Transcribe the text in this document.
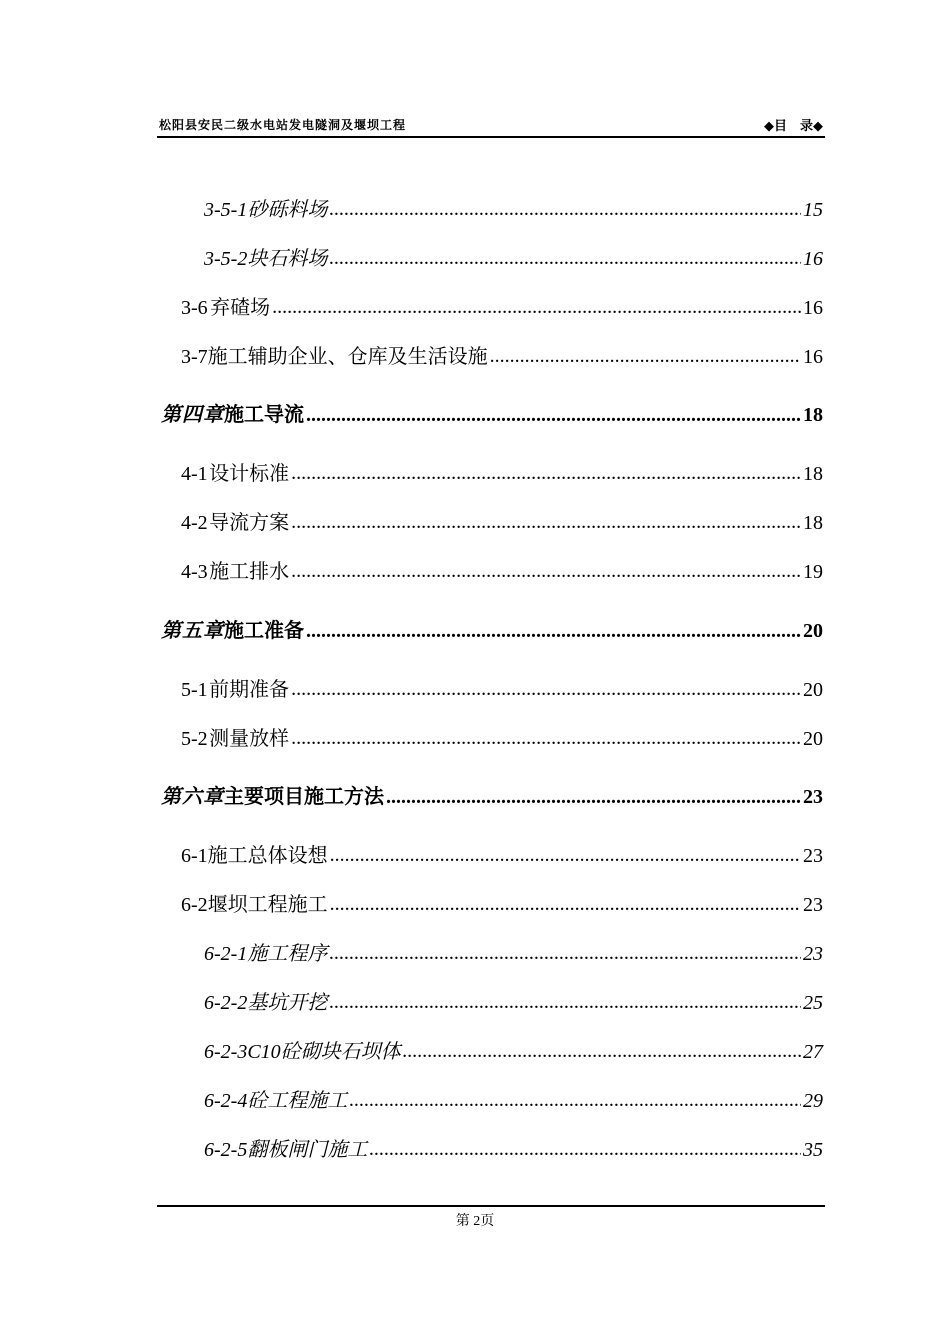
松阳县安民二级水电站发电隧洞及堰坝工程	◆目　录◆
3-5-1 砂砾料场 .....	15
3-5-2 块石料场 .....	16
3-6 弃碴场 .....	16
3-7 施工辅助企业、仓库及生活设施 .....	16
第四章 施工导流 .....	18
4-1 设计标准 .....	18
4-2 导流方案 .....	18
4-3 施工排水 .....	19
第五章 施工准备 .....	20
5-1 前期准备 .....	20
5-2 测量放样 .....	20
第六章 主要项目施工方法 .....	23
6-1 施工总体设想 .....	23
6-2 堰坝工程施工 .....	23
6-2-1 施工程序 .....	23
6-2-2 基坑开挖 .....	25
6-2-3 C10砼砌块石坝体 .....	27
6-2-4 砼工程施工 .....	29
6-2-5 翻板闸门施工 .....	35
第 2页
